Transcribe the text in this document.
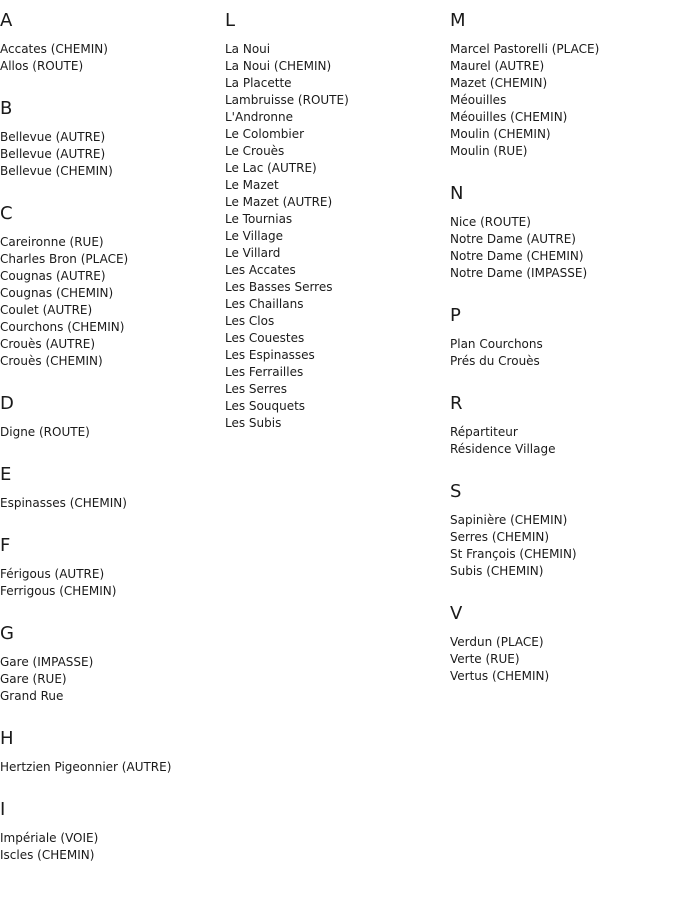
A
Accates (CHEMIN)
Allos (ROUTE)
B
Bellevue (AUTRE)
Bellevue (AUTRE)
Bellevue (CHEMIN)
C
Careironne (RUE)
Charles Bron (PLACE)
Cougnas (AUTRE)
Cougnas (CHEMIN)
Coulet (AUTRE)
Courchons (CHEMIN)
Crouès (AUTRE)
Crouès (CHEMIN)
D
Digne (ROUTE)
E
Espinasses (CHEMIN)
F
Férigous (AUTRE)
Ferrigous (CHEMIN)
G
Gare (IMPASSE)
Gare (RUE)
Grand Rue
H
Hertzien Pigeonnier (AUTRE)
I
Impériale (VOIE)
Iscles (CHEMIN)
L
La Noui
La Noui (CHEMIN)
La Placette
Lambruisse (ROUTE)
L'Andronne
Le Colombier
Le Crouès
Le Lac (AUTRE)
Le Mazet
Le Mazet (AUTRE)
Le Tournias
Le Village
Le Villard
Les Accates
Les Basses Serres
Les Chaillans
Les Clos
Les Couestes
Les Espinasses
Les Ferrailles
Les Serres
Les Souquets
Les Subis
M
Marcel Pastorelli (PLACE)
Maurel (AUTRE)
Mazet (CHEMIN)
Méouilles
Méouilles (CHEMIN)
Moulin (CHEMIN)
Moulin (RUE)
N
Nice (ROUTE)
Notre Dame (AUTRE)
Notre Dame (CHEMIN)
Notre Dame (IMPASSE)
P
Plan Courchons
Prés du Crouès
R
Répartiteur
Résidence Village
S
Sapinière (CHEMIN)
Serres (CHEMIN)
St François (CHEMIN)
Subis (CHEMIN)
V
Verdun (PLACE)
Verte (RUE)
Vertus (CHEMIN)
